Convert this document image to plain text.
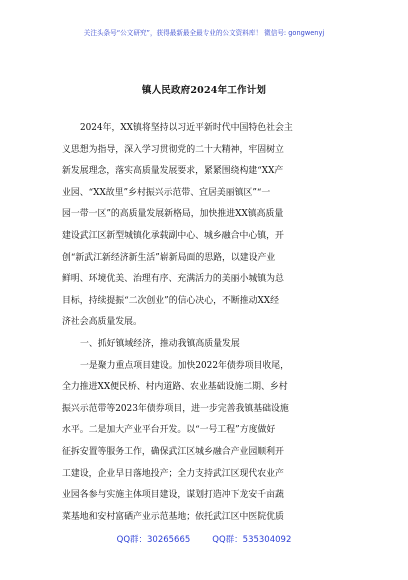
关注头条号“公文研究”，获得最新最全最专业的公文资料库！ 微信号: gongwenyj
镇人民政府2024年工作计划
2024年，XX镇将坚持以习近平新时代中国特色社会主
义思想为指导，深入学习贯彻党的二十大精神，牢固树立
新发展理念，落实高质量发展要求，紧紧围绕构建“XX产
业园、“XX故里”乡村振兴示范带、宜居美丽镇区”“一
园一带一区”的高质量发展新格局，加快推进XX镇高质量
建设武江区新型城镇化承载副中心、城乡融合中心镇，开
创“新武江新经济新生活”崭新局面的思路，以建设产业
鲜明、环境优美、治理有序、充满活力的美丽小城镇为总
目标，持续提振“二次创业”的信心决心，不断推动XX经
济社会高质量发展。
一、抓好镇域经济，推动我镇高质量发展
一是聚力重点项目建设。加快2022年债券项目收尾，
全力推进XX便民桥、村内道路、农业基础设施二期、乡村
振兴示范带等2023年债券项目，进一步完善我镇基础设施
水平。二是加大产业平台开发。以“一号工程”方度做好
征拆安置等服务工作，确保武江区城乡融合产业园顺利开
工建设，企业早日落地投产；全力支持武江区现代农业产
业园各参与实施主体项目建设，谋划打造冲下龙安千亩蔬
菜基地和安村富硒产业示范基地；依托武江区中医院优质
QQ群：30265665	QQ群：535304092
